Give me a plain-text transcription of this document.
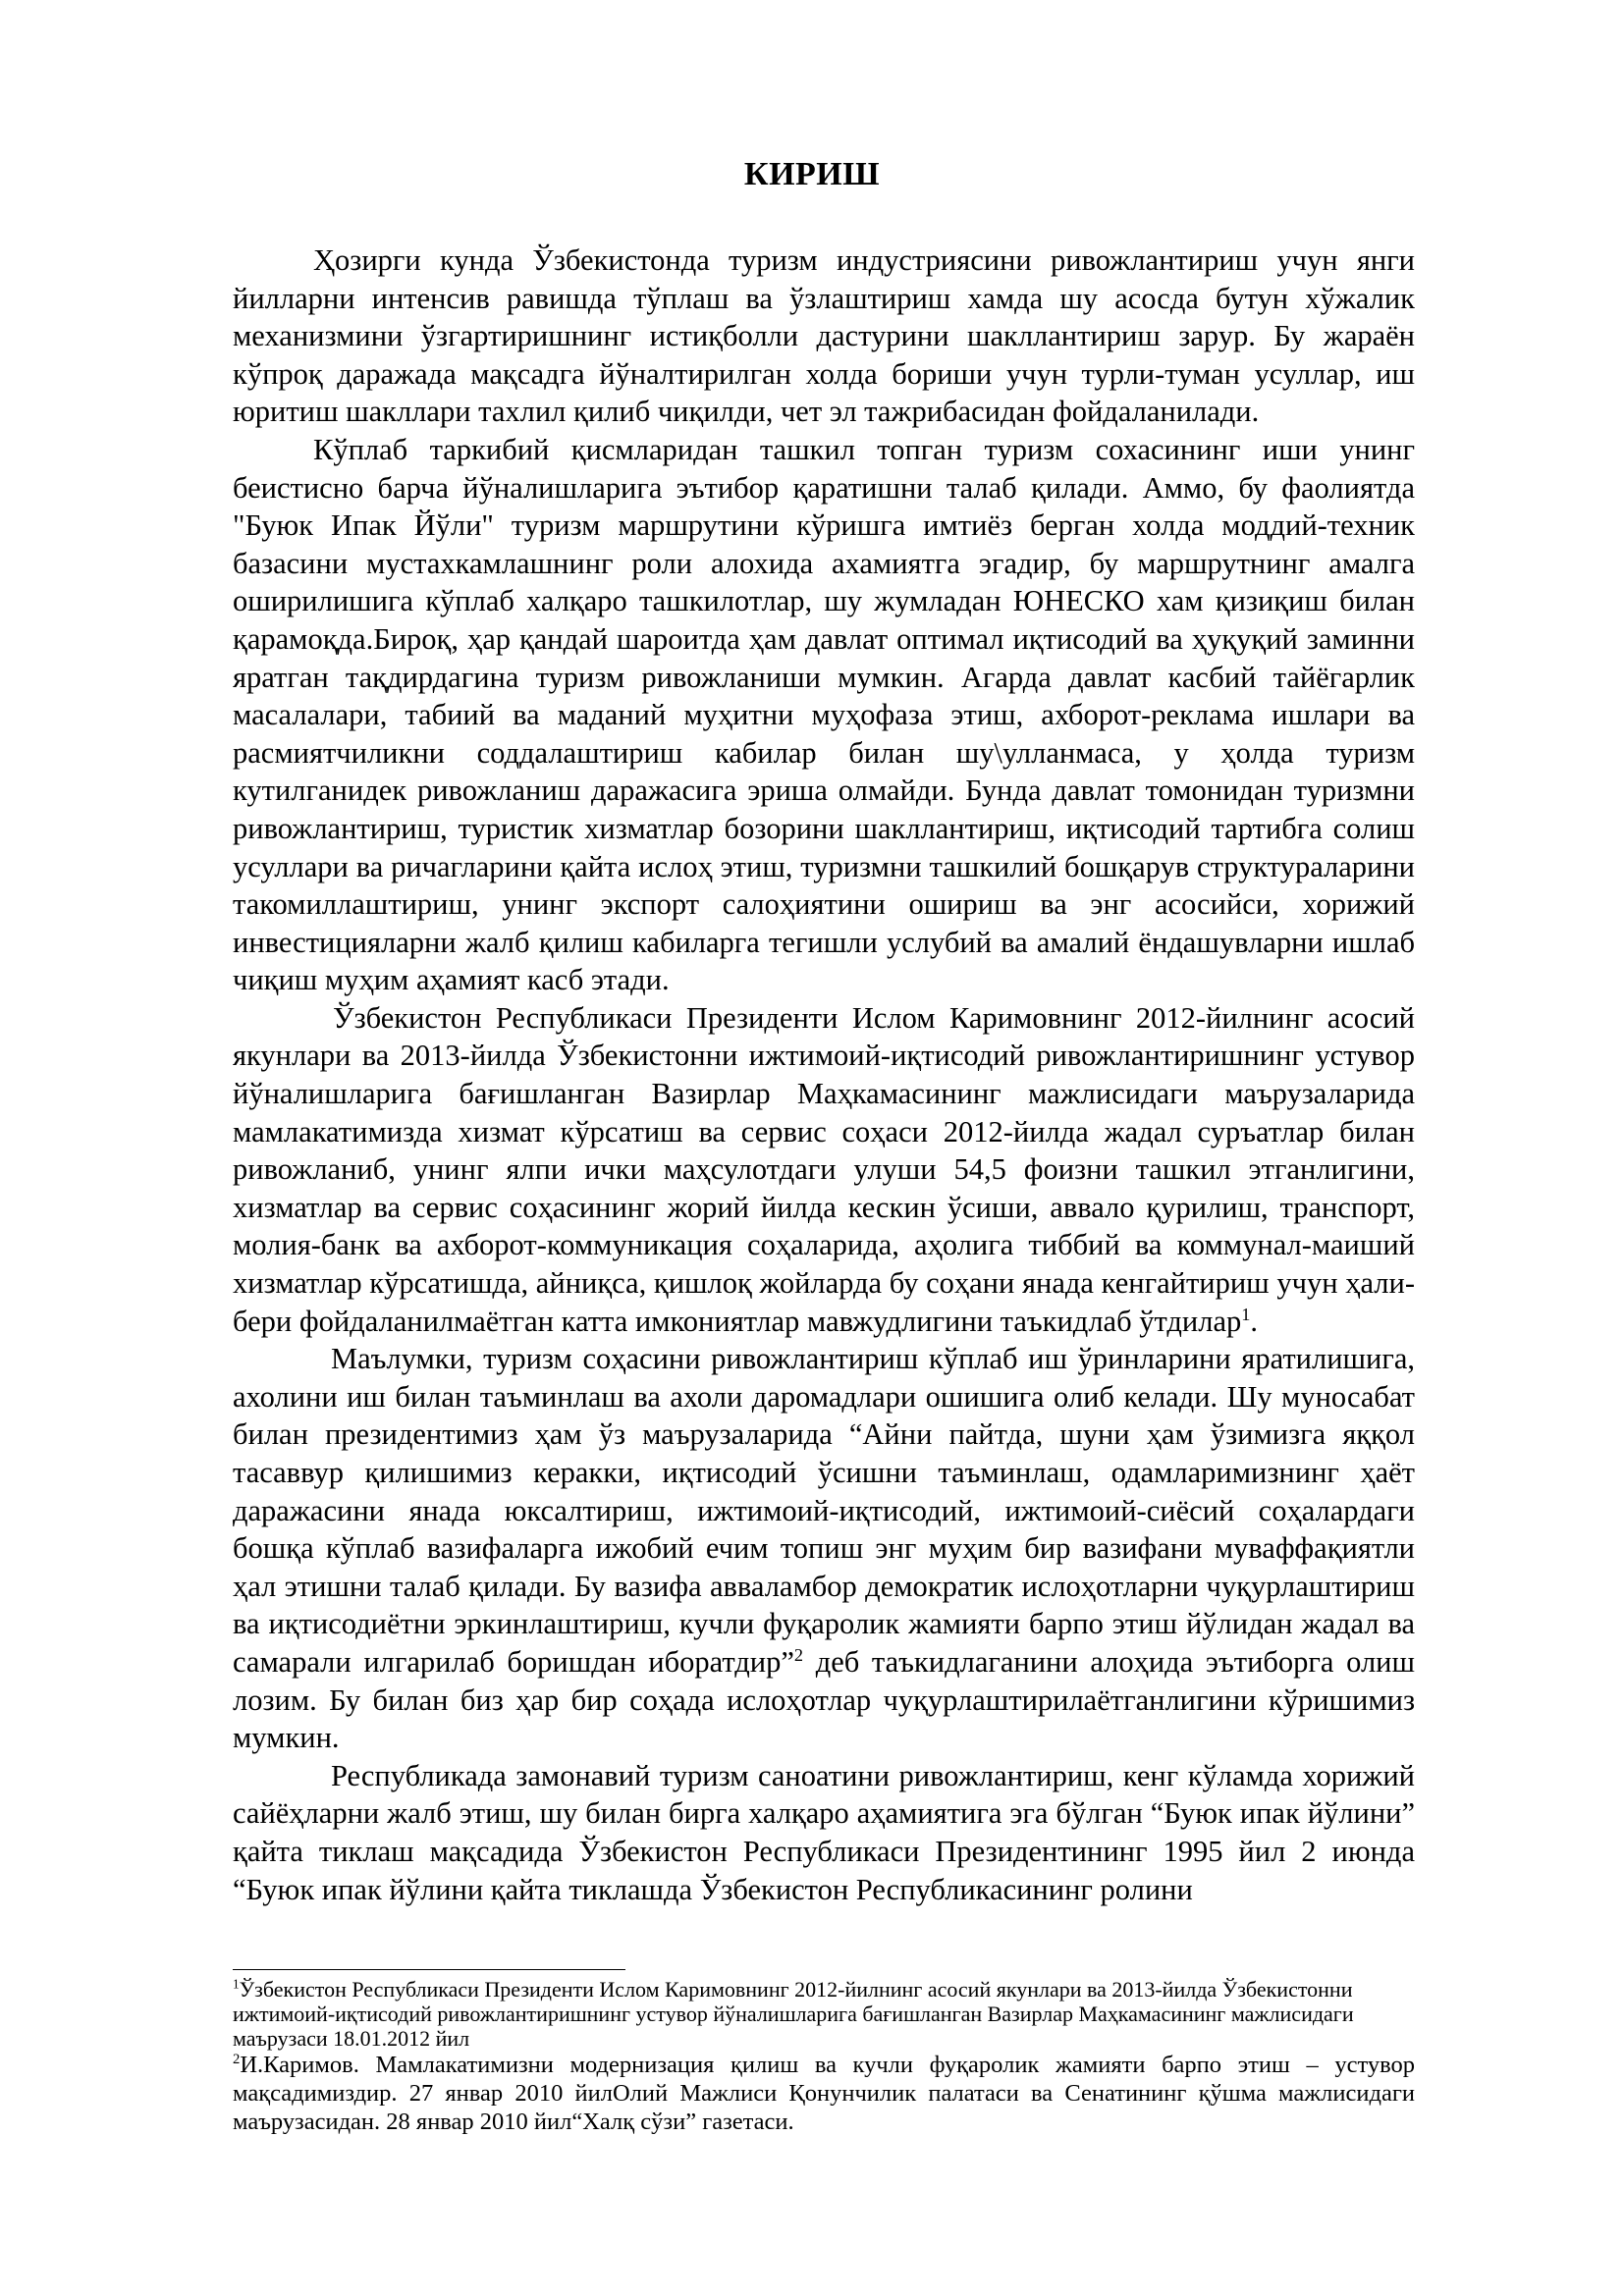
КИРИШ

Ҳозирги кунда Ўзбекистонда туризм индустриясини ривожлантириш учун янги йилларни интенсив равишда тўплаш ва ўзлаштириш хамда шу асосда бутун хўжалик механизмини ўзгартиришнинг истиқболли дастурини шакллантириш зарур. Бу жараён кўпроқ даражада мақсадга йўналтирилган холда бориши учун турли-туман усуллар, иш юритиш шакллари тахлил қилиб чиқилди, чет эл тажрибасидан фойдаланилади.

Кўплаб таркибий қисмларидан ташкил топган туризм сохасининг иши унинг беистисно барча йўналишларига эътибор қаратишни талаб қилади. Аммо, бу фаолиятда "Буюк Ипак Йўли" туризм маршрутини кўришга имтиёз берган холда моддий-техник базасини мустахкамлашнинг роли алохида ахамиятга эгадир, бу маршрутнинг амалга оширилишига кўплаб халқаро ташкилотлар, шу жумладан ЮНЕСКО хам қизиқиш билан қарамоқда.Бироқ, ҳар қандай шароитда ҳам давлат оптимал иқтисодий ва ҳуқуқий заминни яратган тақдирдагина туризм ривожланиши мумкин. Агарда давлат касбий тайёгарлик масалалари, табиий ва маданий муҳитни муҳофаза этиш, ахборот-реклама ишлари ва расмиятчиликни соддалаштириш кабилар билан шу\улланмаса, у ҳолда туризм кутилганидек ривожланиш даражасига эриша олмайди. Бунда давлат томонидан туризмни ривожлантириш, туристик хизматлар бозорини шакллантириш, иқтисодий тартибга солиш усуллари ва ричагларини қайта ислоҳ этиш, туризмни ташкилий бошқарув структураларини такомиллаштириш, унинг экспорт салоҳиятини ошириш ва энг асосийси, хорижий инвестицияларни жалб қилиш кабиларга тегишли услубий ва амалий ёндашувларни ишлаб чиқиш муҳим аҳамият касб этади.

Ўзбекистон Республикаси Президенти Ислом Каримовнинг 2012-йилнинг асосий якунлари ва 2013-йилда Ўзбекистонни ижтимоий-иқтисодий ривожлантиришнинг устувор йўналишларига бағишланган Вазирлар Маҳкамасининг мажлисидаги маърузаларида мамлакатимизда хизмат кўрсатиш ва сервис соҳаси 2012-йилда жадал суръатлар билан ривожланиб, унинг ялпи ички маҳсулотдаги улуши 54,5 фоизни ташкил этганлигини, хизматлар ва сервис соҳасининг жорий йилда кескин ўсиши, аввало қурилиш, транспорт, молия-банк ва ахборот-коммуникация соҳаларида, аҳолига тиббий ва коммунал-маиший хизматлар кўрсатишда, айниқса, қишлоқ жойларда бу соҳани янада кенгайтириш учун ҳали-бери фойдаланилмаётган катта имкониятлар мавжудлигини таъкидлаб ўтдилар$^1$.

Маълумки, туризм соҳасини ривожлантириш кўплаб иш ўринларини яратилишига, ахолини иш билан таъминлаш ва ахоли даромадлари ошишига олиб келади. Шу муносабат билан президентимиз ҳам ўз маърузаларида “Айни пайтда, шуни ҳам ўзимизга яққол тасаввур қилишимиз керакки, иқтисодий ўсишни таъминлаш, одамларимизнинг ҳаёт даражасини янада юксалтириш, ижтимоий-иқтисодий, ижтимоий-сиёсий соҳалардаги бошқа кўплаб вазифаларга ижобий ечим топиш энг муҳим бир вазифани муваффақиятли ҳал этишни талаб қилади. Бу вазифа авваламбор демократик ислоҳотларни чуқурлаштириш ва иқтисодиётни эркинлаштириш, кучли фуқаролик жамияти барпо этиш йўлидан жадал ва самарали илгарилаб боришдан иборатдир”$^2$ деб таъкидлаганини алоҳида эътиборга олиш лозим. Бу билан биз ҳар бир соҳада ислоҳотлар чуқурлаштирилаётганлигини кўришимиз мумкин.

Республикада замонавий туризм саноатини ривожлантириш, кенг кўламда хорижий сайёҳларни жалб этиш, шу билан бирга халқаро аҳамиятига эга бўлган “Буюк ипак йўлини” қайта тиклаш мақсадида Ўзбекистон Республикаси Президентининг 1995 йил 2 июнда “Буюк ипак йўлини қайта тиклашда Ўзбекистон Республикасининг ролини

$^1$Ўзбекистон Республикаси Президенти Ислом Каримовнинг 2012-йилнинг асосий якунлари ва 2013-йилда Ўзбекистонни ижтимоий-иқтисодий ривожлантиришнинг устувор йўналишларига бағишланган Вазирлар Маҳкамасининг мажлисидаги маърузаси 18.01.2012 йил

$^2$И.Каримов. Мамлакатимизни модернизация қилиш ва кучли фуқаролик жамияти барпо этиш – устувор мақсадимиздир. 27 январ 2010 йилОлий Мажлиси Қонунчилик палатаси ва Сенатининг қўшма мажлисидаги маърузасидан. 28 январ 2010 йил“Халқ сўзи” газетаси.
